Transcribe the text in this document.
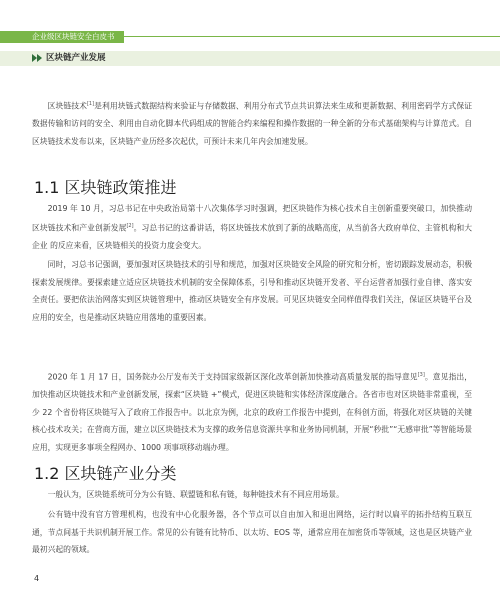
企业级区块链安全白皮书
区块链产业发展

区块链技术[1]是利用块链式数据结构来验证与存储数据、利用分布式节点共识算法来生成和更新数据、利用密码学方式保证数据传输和访问的安全、利用由自动化脚本代码组成的智能合约来编程和操作数据的一种全新的分布式基础架构与计算范式。自区块链技术发布以来，区块链产业历经多次起伏，可预计未来几年内会加速发展。

1.1 区块链政策推进

2019 年 10 月，习总书记在中央政治局第十八次集体学习时强调，把区块链作为核心技术自主创新重要突破口，加快推动区块链技术和产业创新发展[2]。习总书记的这番讲话，将区块链技术放到了新的战略高度，从当前各大政府单位、主管机构和大企业 的反应来看，区块链相关的投资力度会变大。

同时，习总书记强调，要加强对区块链技术的引导和规范，加强对区块链安全风险的研究和分析，密切跟踪发展动态，积极探索发展规律。要探索建立适应区块链技术机制的安全保障体系，引导和推动区块链开发者、平台运营者加强行业自律、落实安全责任。要把依法治网落实到区块链管理中，推动区块链安全有序发展。可见区块链安全同样值得我们关注，保证区块链平台及应用的安全，也是推动区块链应用落地的重要因素。

2020 年 1 月 17 日，国务院办公厅发布关于支持国家级新区深化改革创新加快推动高质量发展的指导意见[3]。意见指出，加快推动区块链技术和产业创新发展，探索“区块链 +”模式，促进区块链和实体经济深度融合。各省市也对区块链非常重视，至少 22 个省份将区块链写入了政府工作报告中。以北京为例，北京的政府工作报告中提到，在科创方面，将强化对区块链的关键核心技术攻关；在营商方面，建立以区块链技术为支撑的政务信息资源共享和业务协同机制，开展“秒批”“无感审批”等智能场景应用，实现更多事项全程网办、1000 项事项移动端办理。

1.2 区块链产业分类

一般认为，区块链系统可分为公有链、联盟链和私有链，每种链技术有不同应用场景。

公有链中没有官方管理机构，也没有中心化服务器，各个节点可以自由加入和退出网络，运行时以扁平的拓扑结构互联互通，节点间基于共识机制开展工作。常见的公有链有比特币、以太坊、EOS 等，通常应用在加密货币等领域，这也是区块链产业最初兴起的领域。

4
